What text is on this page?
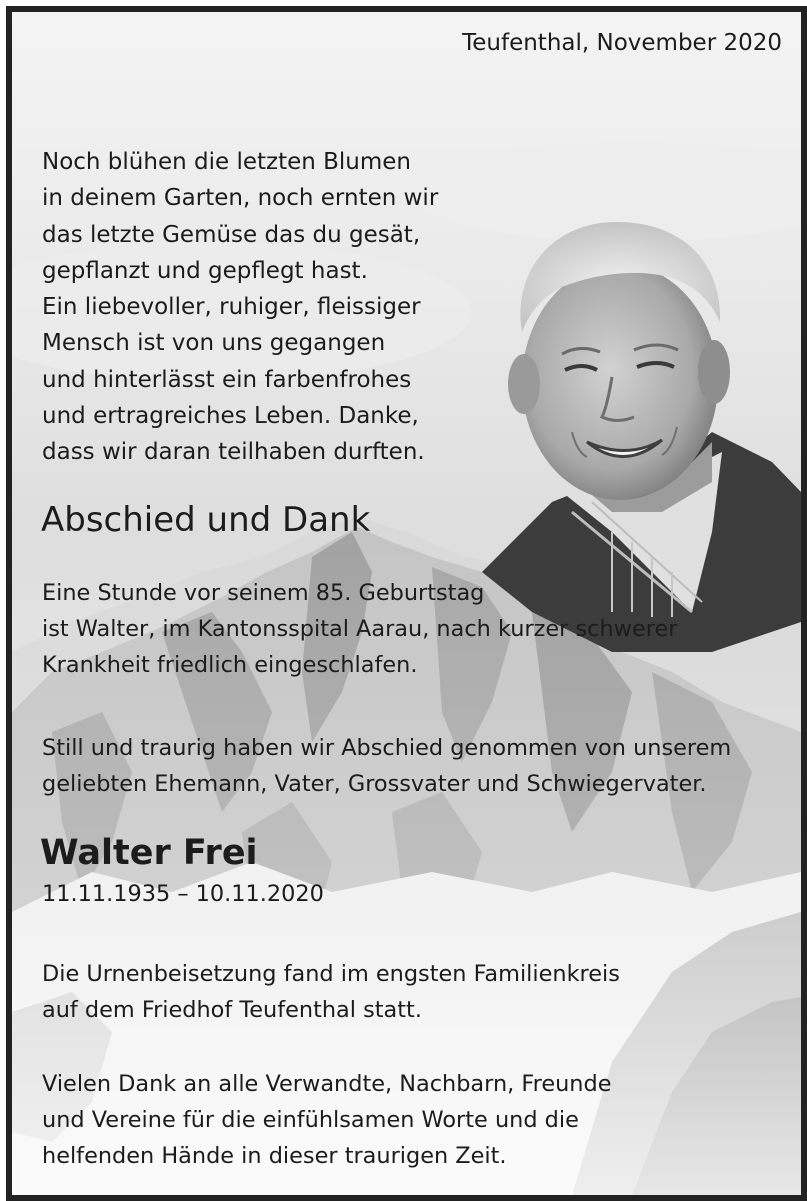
Teufenthal, November 2020
Noch blühen die letzten Blumen
in deinem Garten, noch ernten wir
das letzte Gemüse das du gesät,
gepflanzt und gepflegt hast.
Ein liebevoller, ruhiger, fleissiger
Mensch ist von uns gegangen
und hinterlässt ein farbenfrohes
und ertragreiches Leben. Danke,
dass wir daran teilhaben durften.
Abschied und Dank
Eine Stunde vor seinem 85. Geburtstag
ist Walter, im Kantonsspital Aarau, nach kurzer schwerer
Krankheit friedlich eingeschlafen.
Still und traurig haben wir Abschied genommen von unserem
geliebten Ehemann, Vater, Grossvater und Schwiegervater.
Walter Frei
11.11.1935 – 10.11.2020
Die Urnenbeisetzung fand im engsten Familienkreis
auf dem Friedhof Teufenthal statt.
Vielen Dank an alle Verwandte, Nachbarn, Freunde
und Vereine für die einfühlsamen Worte und die
helfenden Hände in dieser traurigen Zeit.
